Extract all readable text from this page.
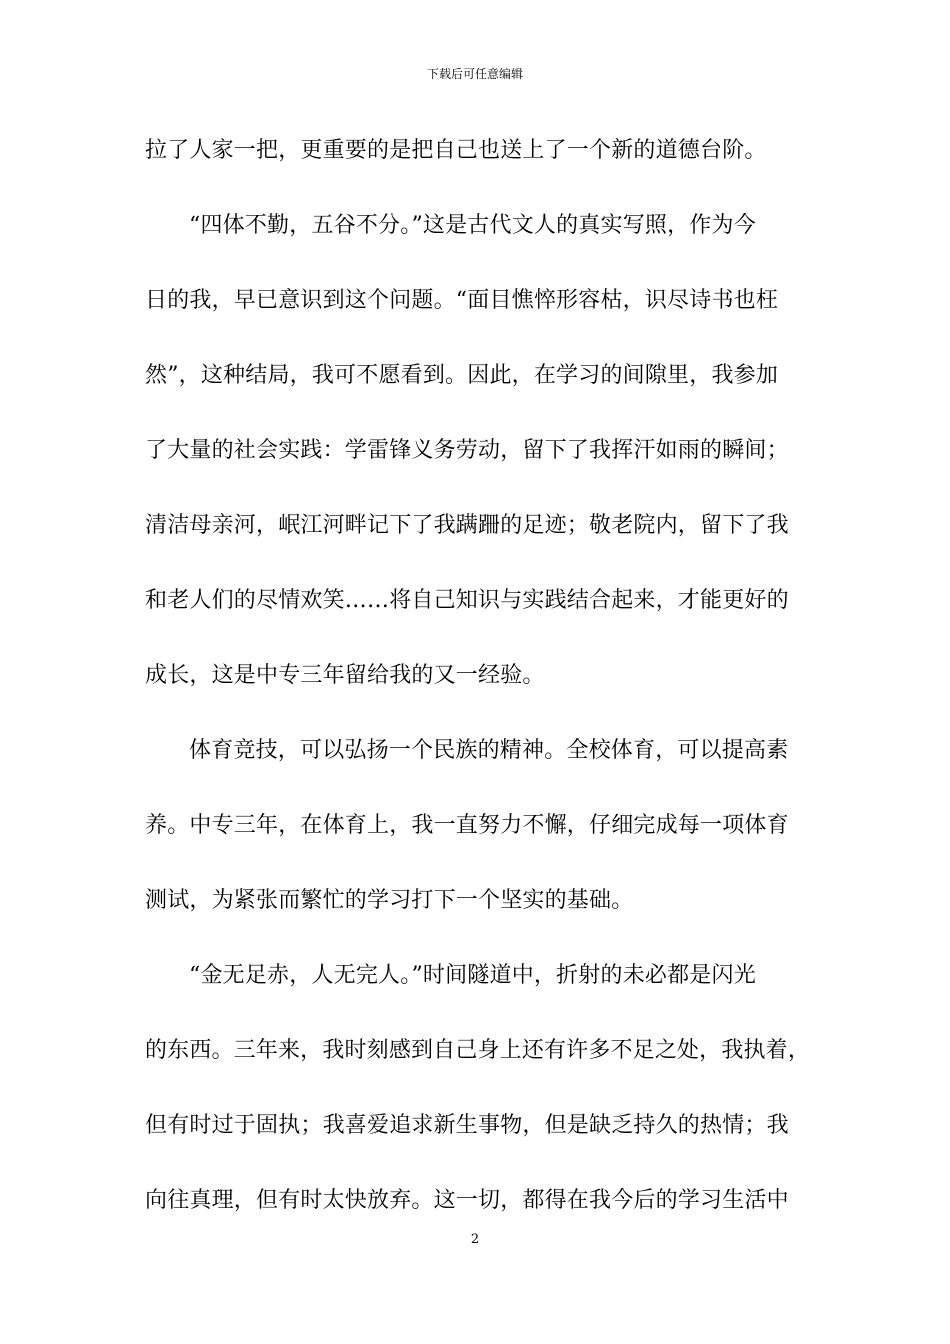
下载后可任意编辑
拉了人家一把，更重要的是把自己也送上了一个新的道德台阶。
“四体不勤，五谷不分。”这是古代文人的真实写照，作为今
日的我，早已意识到这个问题。“面目憔悴形容枯，识尽诗书也枉
然”，这种结局，我可不愿看到。因此，在学习的间隙里，我参加
了大量的社会实践：学雷锋义务劳动，留下了我挥汗如雨的瞬间；
清洁母亲河，岷江河畔记下了我蹒跚的足迹；敬老院内，留下了我
和老人们的尽情欢笑……将自己知识与实践结合起来，才能更好的
成长，这是中专三年留给我的又一经验。
体育竞技，可以弘扬一个民族的精神。全校体育，可以提高素
养。中专三年，在体育上，我一直努力不懈，仔细完成每一项体育
测试，为紧张而繁忙的学习打下一个坚实的基础。
“金无足赤，人无完人。”时间隧道中，折射的未必都是闪光
的东西。三年来，我时刻感到自己身上还有许多不足之处，我执着，
但有时过于固执；我喜爱追求新生事物，但是缺乏持久的热情；我
向往真理，但有时太快放弃。这一切，都得在我今后的学习生活中
2
